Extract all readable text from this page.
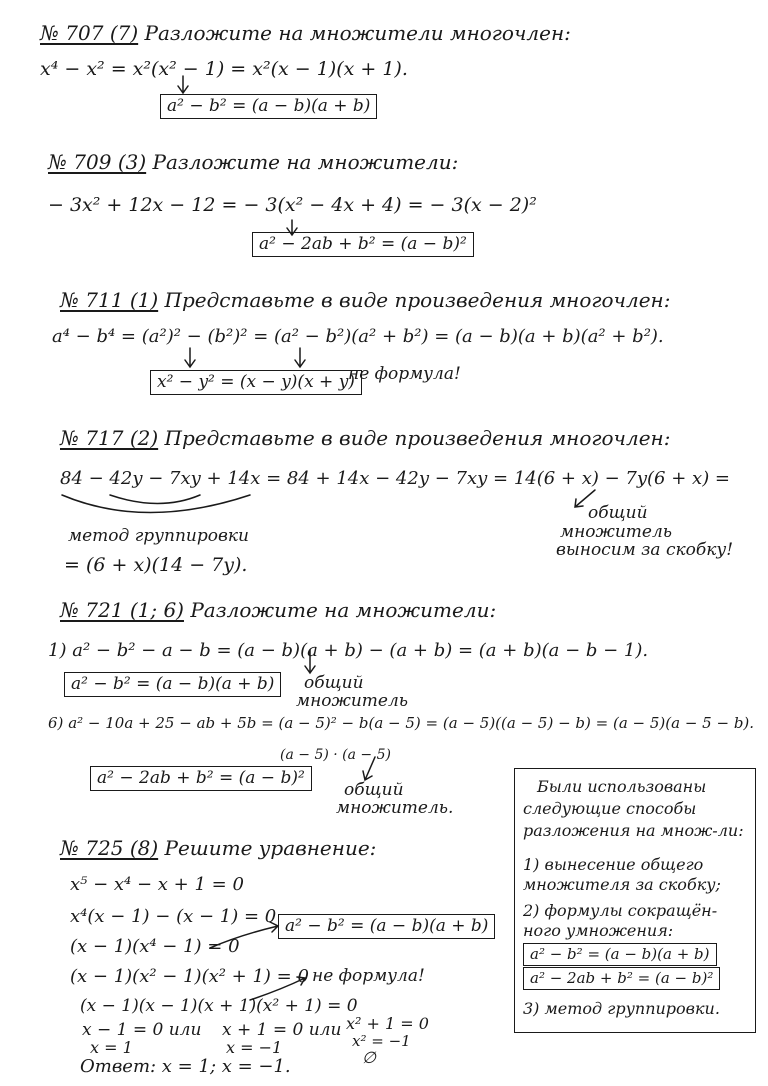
№ 707 (7) Разложите на множители многочлен:
x⁴ − x² = x²(x² − 1) = x²(x − 1)(x + 1).
a² − b² = (a − b)(a + b)
№ 709 (3) Разложите на множители:
− 3x² + 12x − 12 = − 3(x² − 4x + 4) = − 3(x − 2)²
a² − 2ab + b² = (a − b)²
№ 711 (1) Представьте в виде произведения многочлен:
a⁴ − b⁴ = (a²)² − (b²)² = (a² − b²)(a² + b²) = (a − b)(a + b)(a² + b²).
x² − y² = (x − y)(x + y)
не формула!
№ 717 (2) Представьте в виде произведения многочлен:
84 − 42y − 7xy + 14x = 84 + 14x − 42y − 7xy = 14(6 + x) − 7y(6 + x) =
общий
множитель
выносим за скобку!
метод группировки
= (6 + x)(14 − 7y).
№ 721 (1; 6) Разложите на множители:
1) a² − b² − a − b = (a − b)(a + b) − (a + b) = (a + b)(a − b − 1).
a² − b² = (a − b)(a + b)	общий
множитель
6) a² − 10a + 25 − ab + 5b = (a − 5)² − b(a − 5) = (a − 5)((a − 5) − b) = (a − 5)(a − 5 − b).
(a − 5) · (a − 5)
a² − 2ab + b² = (a − b)²
общий
множитель.
№ 725 (8) Решите уравнение:
x⁵ − x⁴ − x + 1 = 0
x⁴(x − 1) − (x − 1) = 0
(x − 1)(x⁴ − 1) = 0
(x − 1)(x² − 1)(x² + 1) = 0
(x − 1)(x − 1)(x + 1)(x² + 1) = 0
x − 1 = 0 или
x = 1
x + 1 = 0 или
x = −1
x² + 1 = 0
x² = −1
∅
Ответ: x = 1; x = −1.
a² − b² = (a − b)(a + b)
не формула!
Были использованы
следующие способы
разложения на множ-ли:
1) вынесение общего
множителя за скобку;
2) формулы сокращён-
ного умножения:
a² − b² = (a − b)(a + b)
a² − 2ab + b² = (a − b)²
3) метод группировки.
